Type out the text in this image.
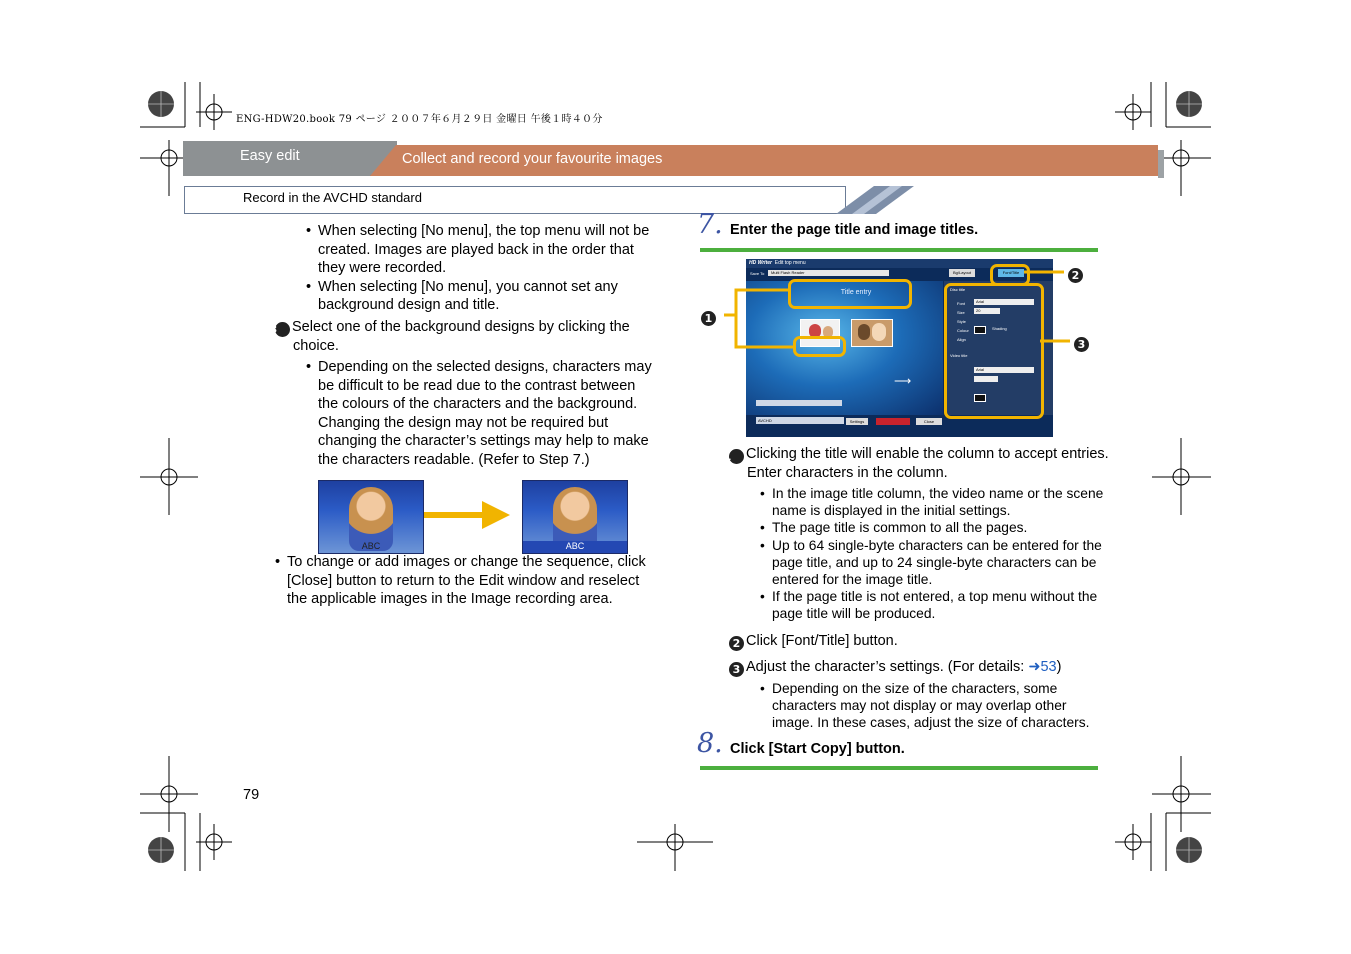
ENG-HDW20.book 79 ページ ２００７年６月２９日 金曜日 午後１時４０分
Easy edit	Collect and record your favourite images
Record in the AVCHD standard
• When selecting [No menu], the top menu will not be created. Images are played back in the order that they were recorded.
• When selecting [No menu], you cannot set any background design and title.
3 Select one of the background designs by clicking the choice.
• Depending on the selected designs, characters may be difficult to be read due to the contrast between the colours of the characters and the background. Changing the design may not be required but changing the character’s settings may help to make the characters readable. (Refer to Step 7.)
ABC	ABC
• To change or add images or change the sequence, click [Close] button to return to the Edit window and reselect the applicable images in the Image recording area.
79
7. Enter the page title and image titles.
HD Writer Edit top menu
Save To	Multi Flash Reader	Bg/Layout	Font/Title
Title entry
⟶
Disc title
Font
Size
Style
Colour
Align
Arial
20
Shading
Video title
Arial
AVCHD	Settings	Close
1
2
3
1 Clicking the title will enable the column to accept entries. Enter characters in the column.
• In the image title column, the video name or the scene name is displayed in the initial settings.
• The page title is common to all the pages.
• Up to 64 single-byte characters can be entered for the page title, and up to 24 single-byte characters can be entered for the image title.
• If the page title is not entered, a top menu without the page title will be produced.
2 Click [Font/Title] button.
3 Adjust the character’s settings. (For details: ➜53)
• Depending on the size of the characters, some characters may not display or may overlap other image. In these cases, adjust the size of characters.
8. Click [Start Copy] button.
